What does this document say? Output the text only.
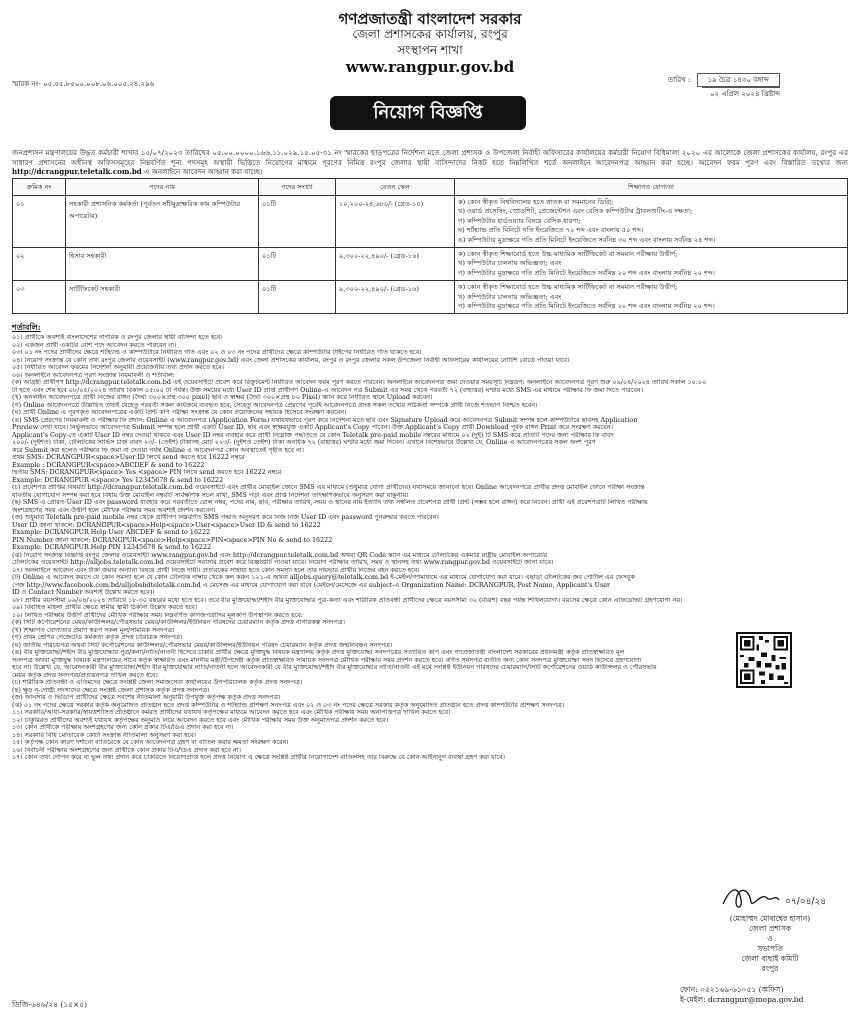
গণপ্রজাতন্ত্রী বাংলাদেশ সরকার
জেলা প্রশাসকের কার্যালয়, রংপুর
সংস্থাপন শাখা
www.rangpur.gov.bd
স্মারক নং- ০৫.৫৫.৮৫০০.০০৮.০৬.০০৫.২৪.২৯৬	তারিখ : ১৯ চৈত্র ১৪৩০ বঙ্গাব্দ
০২ এপ্রিল ২০২৪ খ্রিষ্টাব্দ
নিয়োগ বিজ্ঞপ্তি
জনপ্রশাসন মন্ত্রণালয়ের উদ্ধৃত কর্মচারী শাখার ১৫/০৭/২০২৩ তারিখের ০৫.০০.০০০০.১৬৬.১১.০২৯.১৫.০৫-৩১ নং স্মারকের ছাড়পত্রের নির্দেশনা মতে জেলা প্রশাসক ও উপজেলা নির্বাহী অফিসারের কার্যালয়ের কর্মচারী নিয়োগ বিধিমালা ২০২০ এর আলোকে জেলা প্রশাসকের কার্যালয়, রংপুর এর সাধারণ প্রশাসনের অধীনস্থ অফিসসমূহের নিম্নবর্ণিত শূন্য পদসমূহ অস্থায়ী ভিত্তিতে নিয়োগের মাধ্যমে পূরণের নিমিত্ত রংপুর জেলার স্থায়ী বাসিন্দাদের নিকট হতে নিম্নলিখিত শর্তে অনলাইনে আবেদনপত্র আহ্বান করা হচ্ছে। আবেদন ফরম পূরণ এবং বিস্তারিত তথ্যের জন্য http://dcrangpur.teletalk.com.bd এ অনলাইনে আবেদন আহ্বান করা যাচ্ছে।
ক্রমিক নং	পদের নাম	পদের সংখ্যা	বেতন স্কেল	শিক্ষাগত যোগ্যতা
০১	সহকারী প্রশাসনিক কর্মকর্তা (পূর্বতন সাঁটমুদ্রাক্ষরিক কাম কম্পিউটার অপারেটর)	০১টি	১০,২০০-২৪,৬৮০/- (গ্রেড-১৪)	ক) কোন স্বীকৃত বিশ্ববিদ্যালয় হতে স্নাতক বা সমমানের ডিগ্রি;
খ) ওয়ার্ড প্রসেসিং, স্প্রেডশিট, প্রেজেন্টেশন এবং বেসিক কম্পিউটার ট্রাবলশুটিং-এ দক্ষতা;
গ) কম্পিউটার হার্ডওয়্যার বিষয়ে বেসিক ধারণা;
ঘ) শর্টহ্যান্ড প্রতি মিনিটে গতি ইংরেজিতে ৭০ শব্দ এবং বাংলায় ৫০ শব্দ।
ঙ) কম্পিউটার মুদ্রাক্ষরে গতি প্রতি মিনিটে ইংরেজিতে সর্বনিম্ন ৩০ শব্দ এবং বাংলায় সর্বনিম্ন ২৫ শব্দ।

০২	হিসাব সহকারী	০১টি	৯,৩০০-২২,৪৯০/- (গ্রেড-১৬)	ক) কোন স্বীকৃত শিক্ষাবোর্ড হতে উচ্চ মাধ্যমিক সার্টিফিকেট বা সমমান পরীক্ষায় উত্তীর্ণ;
খ) কম্পিউটার চালনায় অভিজ্ঞতা; এবং
গ) কম্পিউটার মুদ্রাক্ষরে গতি প্রতি মিনিটে ইংরেজিতে সর্বনিম্ন ২০ শব্দ এবং বাংলায় সর্বনিম্ন ২০ শব্দ।

০৩	সার্টিফিকেট সহকারী	০১টি	৯,৩০০-২২,৪৯০/- (গ্রেড-১৬)	ক) কোন স্বীকৃত শিক্ষাবোর্ড হতে উচ্চ মাধ্যমিক সার্টিফিকেট বা সমমান পরীক্ষায় উত্তীর্ণ;
খ) কম্পিউটার চালনায় অভিজ্ঞতা; এবং
গ) কম্পিউটার মুদ্রাক্ষরে গতি প্রতি মিনিটে ইংরেজিতে সর্বনিম্ন ২০ শব্দ এবং বাংলায় সর্বনিম্ন ২০ শব্দ।
শর্তাবলি:
০১। প্রার্থীকে অবশ্যই বাংলাদেশের নাগরিক ও রংপুর জেলার স্থায়ী বাসিন্দা হতে হবে।
০২। একজন প্রার্থী একটির বেশি পদে আবেদন করতে পারবেন না।
০৩। ০১ নং পদের প্রার্থীদের ক্ষেত্রে শর্টহ্যান্ড ও কম্পিউটারে নির্ধারিত গতি এবং ০২ ও ০৩ নং পদের প্রার্থীদের ক্ষেত্রে কম্পিউটার টাইপের নির্ধারিত গতি থাকতে হবে।
০৪। নিয়োগ সংক্রান্ত যে কোন তথ্য রংপুর জেলার ওয়েবসাইট (www.rangpur.gov.bd) এবং জেলা প্রশাসকের কার্যালয়, রংপুর ও রংপুর জেলার সকল উপজেলা নির্বাহী অফিসারের কার্যালয়ের নোটিশ বোর্ডে পাওয়া যাবে।
০৫। নির্ধারিত আবেদন ফরমের নির্দেশনা অনুযায়ী প্রয়োজনীয় তথ্য প্রদান করতে হবে।
০৬। অনলাইনে আবেদনপত্র পূরণ সংক্রান্ত নিয়মাবলী ও শর্তাবলি:
(ক) আগ্রহী প্রার্থীগণ http://dcrangpur.teletalk.com.bd এই ওয়েবসাইটে প্রবেশ করে রিক্রুটমেন্ট নির্ধারিত আবেদন ফরম পূরণ করতে পারবেন। অনলাইনে আবেদনপত্র জমা দেওয়ার সময়সূচি নিম্নরূপ: অনলাইনে আবেদনপত্র পূরণ শুরু ০৯/০৪/২০২৪ তারিখ সকাল ১০:০০
টা হতে এবং শেষ হবে ০৮/০৫/২০২৪ তারিখ বিকাল ০৫:০০ টা পর্যন্ত। উক্ত সময়ের মধ্যে User ID প্রাপ্ত প্রার্থীগণ Online-এ আবেদন পত্র Submit এর সময় থেকে পরবর্তী ৭২ (বাহাত্তর) ঘণ্টার মধ্যে SMS এর মাধ্যমে পরীক্ষার ফি জমা দিতে পারবেন।
(খ) অনলাইন আবেদনপত্রে প্রার্থী নিজের রঙ্গিন (দৈর্ঘ্য ৩০০×প্রস্থ ৩০০ pixel) ছবি ও স্বাক্ষর (দৈর্ঘ্য ৩০০×প্রস্থ ৮০ Pixel) স্ক্যান করে নির্ধারিত স্থানে Upload করবেন।
(গ) Online আবেদনপত্রে উল্লিখিত তথ্যই যেহেতু পরবর্তী সকল কার্যক্রমে ব্যবহৃত হবে, সেহেতু আবেদনপত্র প্রেরণের পূর্বেই আবেদনপত্রে প্রদত্ত সকল তথ্যের সঠিকতা সম্পর্কে প্রার্থী নিজে শতভাগ নিশ্চিত হবেন।
(ঘ) প্রার্থী Online এ পূরণকৃত আবেদনপত্রের একটি প্রিন্ট কপি পরীক্ষা সংক্রান্ত যে কোন প্রয়োজনের সহায়ক হিসেবে সংরক্ষণ করবেন।
(ঙ) SMS প্রেরণের নিয়মাবলী ও পরীক্ষার ফি প্রদান: Online এ আবেদনপত্র (Application Form) যথাযথভাবে পূরণ করে নির্দেশনা মতে ছবি এবং Signature Upload করে আবেদনপত্র Submit সম্পন্ন হলে কম্পিউটারে ছবিসহ Application
Preview দেখা যাবে। নির্ভুলভাবে আবেদনপত্র Submit সম্পন্ন হলে প্রার্থী একটি User ID, ছবি এবং স্বাক্ষরযুক্ত একটি Applicant's Copy পাবেন। উক্ত Applicant's Copy প্রার্থী Download পূর্বক রঙ্গিন Print করে সংরক্ষণ করবেন।
Applicant's Copy-তে একটি User ID নম্বর দেওয়া থাকবে এবং User ID নম্বর ব্যবহার করে প্রার্থী নিম্নোক্ত পদ্ধতিতে যে কোন Teletalk pre-paid mobile নম্বরের মাধ্যমে ০২ (দুই) টি SMS করে প্রতিটি পদের জন্য পরীক্ষার ফি বাবদ
২০০/- (দুইশত) টাকা, টেলিটকের সার্ভিস চার্জ বাবদ ২৩/- (তেইশ) টাকাসহ মোট ২২৩/- (দুইশত তেইশ) টাকা অনধিক ৭২ (বাহাত্তর) ঘণ্টার মধ্যে জমা দিবেন। এখানে বিশেষভাবে উল্লেখ্য যে, Online এ আবেদনপত্রের সকল অংশ পূরণ
করে Submit করা হলেও পরীক্ষার ফি জমা না দেওয়া পর্যন্ত Online এ আবেদনপত্র কোন অবস্থাতেই গৃহীত হবে না।
প্রথম SMS: DCRANGPUR<space>User ID লিখে send করতে হবে 16222 নম্বরে
Example : DCRANGPUR<space>ABCDEF & send to 16222
দ্বিতীয় SMS: DCRANGPUR<space> Yes <space> PIN লিখে send করতে হবে 16222 নম্বরে
Example: DCRANGPUR <space> Yes 12345678 & send to 16222
(চ) প্রবেশপত্র প্রাপ্তির বিষয়টি http://dcrangpur.teletalk.com.bd ওয়েবসাইটে এবং প্রার্থীর মোবাইল ফোনে SMS এর মাধ্যমে (শুধুমাত্র যোগ্য প্রার্থীদের) যথাসময়ে জানানো হবে। Online আবেদনপত্রে প্রার্থীর প্রদত্ত মোবাইল ফোনে পরীক্ষা সংক্রান্ত
যাবতীয় যোগাযোগ সম্পন্ন করা হবে বিধায় উক্ত মোবাইল নম্বরটি সার্বক্ষণিক সচল রাখা, SMS পড়া এবং প্রাপ্ত নির্দেশনা তাৎক্ষণিকভাবে অনুসরণ করা বাঞ্ছনীয়।
(ছ) SMS এ প্রেরিত User ID এবং password ব্যবহার করে পরবর্তীতে রোল নম্বর, পদের নাম, ছবি, পরীক্ষার তারিখ, সময় ও স্থানের নাম ইত্যাদি তথ্য সম্বলিত প্রবেশপত্র প্রার্থী প্রিন্ট (সম্ভব হলে রঙ্গিন) করে নিবেন। প্রার্থী এই প্রবেশপত্রটি লিখিত পরীক্ষায়
অংশগ্রহণের সময় এবং উত্তীর্ণ হলে মৌখিক পরীক্ষার সময় অবশ্যই প্রদর্শন করবেন।
(জ) শুধুমাত্র Teletalk pre-paid mobile নম্বর থেকে প্রার্থীগণ নিম্নবর্ণিত SMS পদ্ধতি অনুসরণ করে নিজ নিজ User ID এবং password পুনরুদ্ধার করতে পারবেন।
User ID জানা থাকলে: DCRANGPUR<space>Help<space>User<space>User ID & send to 16222
Example: DCRANGPUR Help User ABCDEF & send to 16222
PIN Number জানা থাকলে: DCRANGPUR<space>Help<space>PIN<space>PIN No & send to 16222
Example: DCRANGPUR Help PIN 12345678 & send to 16222
(ঝ) নিয়োগ সংক্রান্ত বিজ্ঞপ্তি রংপুর জেলার ওয়েবসাইট www.rangpur.gov.bd এবং http://dcrangpur.teletalk.com.bd অথবা QR Code স্ক্যান এর মাধ্যমে টেলিটকের একমাত্র রাষ্ট্রীয় মোবাইল অপারেটর
টেলিটকের ওয়েবসাইট http://alljobs.teletalk.com.bd ওয়েবসাইটে সরাসরি প্রবেশ করে বিজ্ঞপ্তিটি পাওয়া যাবে। নিয়োগ পরীক্ষার তারিখ, সময় ও স্থানসহ তথ্য www.rangpur.gov.bd ওয়েবসাইটে জানা যাবে।
০৭। অনলাইনে আবেদন এবং টাকা জমার অন্যান্য বিষয়ে প্রার্থী নিজে দায়ী। প্রতারকের সাহায্য হতে কোন সমস্যা হলে তার দায়ভার প্রার্থীর নিজের বহন করতে হবে।
(ট) Online এ আবেদন করতে যে কোন সমস্যা হলে যে কোন টেলিটক নাম্বার থেকে কল করুন ১২১-এ অথবা alljobs.query@teletalk.com.bd ই-মেইল/গণমাধ্যমে এর মাধ্যমে যোগাযোগ করা যাবে। এছাড়া টেলিটকের জব পোর্টাল এর ফেসবুক
পেজ http://www.facebook.com.bd/alljobsbdteletalk.com.bd এ মেসেজ এর মাধ্যমে যোগাযোগ করা যাবে (মেইলে/মেসেজে এর subject-এ Organization Name: DCRANGPUR, Post Name, Applicant's User
ID ও Contact Number অবশ্যই উল্লেখ করতে হবে)।
০৮। প্রার্থীর বয়সসীমা ০৯/০৪/২০২৪ তারিখে ১৮-৩০ বছরের মধ্যে হতে হবে। তবে বীর মুক্তিযোদ্ধা/শহীদ বীর মুক্তিযোদ্ধার পুত্র-কন্যা এবং শারীরিক প্রতিবন্ধী প্রার্থীদের ক্ষেত্রে বয়সসীমা ৩২ (বত্রিশ) বছর পর্যন্ত শিথিলযোগ্য। বয়সের ক্ষেত্রে কোন এফিডেভিট গ্রহণযোগ্য নয়।
০৯। বিবাহিত মহিলা প্রার্থীর ক্ষেত্রে স্বামীর স্থায়ী ঠিকানা উল্লেখ করতে হবে।
১০। লিখিত পরীক্ষায় উত্তীর্ণ প্রার্থীদের মৌখিক পরীক্ষার সময় নিম্নবর্ণিত কাগজপত্রাদির মূলকপি উপস্থাপন করতে হবে:
(ক) সিটি কর্পোরেশনের মেয়র/কাউন্সিলর/পৌরসভার মেয়র/কাউন্সিলর/ইউনিয়ন পরিষদের চেয়ারম্যান কর্তৃক প্রদত্ত নাগরিকত্ব সনদপত্র।
(খ) শিক্ষাগত যোগ্যতার প্রমাণ স্বরূপ সকল মূল/সাময়িক সনদপত্র।
(গ) প্রথম শ্রেণির গেজেটেড কর্মকর্তা কর্তৃক প্রদত্ত চারিত্রিক সনদপত্র।
(ঘ) জাতীয় পরিচয়পত্র অথবা সিটি কর্পোরেশনের কাউন্সিলর/পৌরসভার মেয়র/কাউন্সিলর/ইউনিয়ন পরিষদ চেয়ারম্যান কর্তৃক প্রদত্ত জন্মনিবন্ধন সনদপত্র।
(ঙ) বীর মুক্তিযোদ্ধা/শহীদ বীর মুক্তিযোদ্ধার পুত্র/কন্যা/নাতি/নাতনী হিসেবে চাকরি প্রার্থীর ক্ষেত্রে মুক্তিযুদ্ধ বিষয়ক মন্ত্রণালয় কর্তৃক প্রদত্ত মুক্তিযোদ্ধা সনদপত্রের সত্যায়িত কপি এবং গণপ্রজাতন্ত্রী বাংলাদেশ সরকারের প্রধানমন্ত্রী কর্তৃক প্রতিস্বাক্ষরিত মূল
সনদপত্র অথবা মুক্তিযুদ্ধ বিষয়ক মন্ত্রণালয়ের সচিব কর্তৃক স্বাক্ষরিত এবং মাননীয় মন্ত্রী/উপদেষ্টা কর্তৃক প্রতিস্বাক্ষরিত সাময়িক সনদপত্র মৌখিক পরীক্ষার সময় প্রদর্শন করতে হবে। বর্ণিত সনদপত্র ব্যতীত অন্য কোন সনদপত্র মুক্তিযোদ্ধা সনদ হিসেবে গ্রহণযোগ্য
হবে না। উল্লেখ্য যে, আবেদনকারী বীর মুক্তিযোদ্ধা/শহীদ বীর মুক্তিযোদ্ধার নাতি/নাতনী হলে আবেদনকারী যে বীর মুক্তিযোদ্ধা/শহীদ বীর মুক্তিযোদ্ধার নাতি/নাতনী এই মর্মে সংশ্লিষ্ট ইউনিয়ন পরিষদের চেয়ারম্যান/সিটি কর্পোরেশনের ওয়ার্ড কাউন্সিলর ও পৌরসভার
মেয়র কর্তৃক প্রদত্ত সনদপত্র/প্রত্যয়নপত্র দাখিল করতে হবে।
(চ) শারীরিক প্রতিবন্ধী ও এতিমদের ক্ষেত্রে সংশ্লিষ্ট জেলা সমাজসেবা কার্যালয়ের উপপরিচালক কর্তৃক প্রদত্ত সনদপত্র।
(ছ) ক্ষুদ্র নৃ-গোষ্ঠী সদস্যদের ক্ষেত্রে সংশ্লিষ্ট জেলা প্রশাসক কর্তৃক প্রদত্ত সনদপত্র।
(জ) আনসার ও ভিডিপি প্রার্থীদের ক্ষেত্রে সর্বশেষ নীতিমালা অনুযায়ী উপযুক্ত কর্তৃপক্ষ কর্তৃক প্রদত্ত সনদপত্র।
(ঝ) ০১ নং পদের ক্ষেত্রে সরকার কর্তৃক অনুমোদিত প্রতিষ্ঠান হতে প্রদত্ত কম্পিউটার ও শর্টহ্যান্ড প্রশিক্ষণ সনদপত্র এবং ০২ ও ০৩ নং পদের ক্ষেত্রে সরকার কর্তৃক অনুমোদিত প্রতিষ্ঠান হতে প্রদত্ত কম্পিউটার প্রশিক্ষণ সনদপত্র।
১১। সরকারি/আধা-সরকারি/স্বায়ত্তশাসিত প্রতিষ্ঠানে কর্মরত প্রার্থীদের যথাযথ কর্তৃপক্ষের মাধ্যমে আবেদন করতে হবে এবং মৌখিক পরীক্ষার সময় অনাপত্তিপত্র দাখিল করতে হবে।
১২। চাকুরিরত প্রার্থীদের অবশ্যই যথাযথ কর্তৃপক্ষের অনুমতি নিয়ে আবেদন করতে হবে এবং মৌখিক পরীক্ষার সময় উক্ত অনুমতিপত্র প্রদর্শন করতে হবে।
১৩। কোন প্রার্থীকে পরীক্ষায় অংশগ্রহণের জন্য কোন প্রকার টিএ/ডিএ প্রদান করা হবে না।
১৪। সরকারি বিধি মোতাবেক কোটা সংক্রান্ত নীতিমালা অনুসরণ করা হবে।
১৫। কর্তৃপক্ষ কোন কারণ দর্শানো ব্যতিরেকে যে কোন আবেদনপত্র গ্রহণ বা বাতিল করার ক্ষমতা সংরক্ষণ করেন।
১৬। নির্বাচনী পরীক্ষায় অংশগ্রহণের জন্য প্রার্থীকে কোন প্রকার টিএ/ডিএ প্রদান করা হবে না।
১৭। কোন তথ্য গোপন করে বা ভুল তথ্য প্রদান করে চাকরিতে নিয়োগপ্রাপ্ত হলে প্রদত্ত নিয়োগ এ ক্ষেত্রে সংশ্লিষ্ট প্রার্থীর নিয়োগাদেশ বাতিলসহ তার বিরুদ্ধে যে কোন আইনানুগ ব্যবস্থা গ্রহণ করা যাবে।
০৭/০৪/২৪
(মোহাম্মদ মোবাশ্বের হাসান)
জেলা প্রশাসক
ও
সভাপতি
জেলা বাছাই কমিটি
রংপুর
ফোন: ০৫২১৬৯-৬১০৫১ (অফিস)
ই-মেইল: dcrangpur@mopa.gov.bd
ডিজি-৬৪৬/২৪ (১৫×৫)
